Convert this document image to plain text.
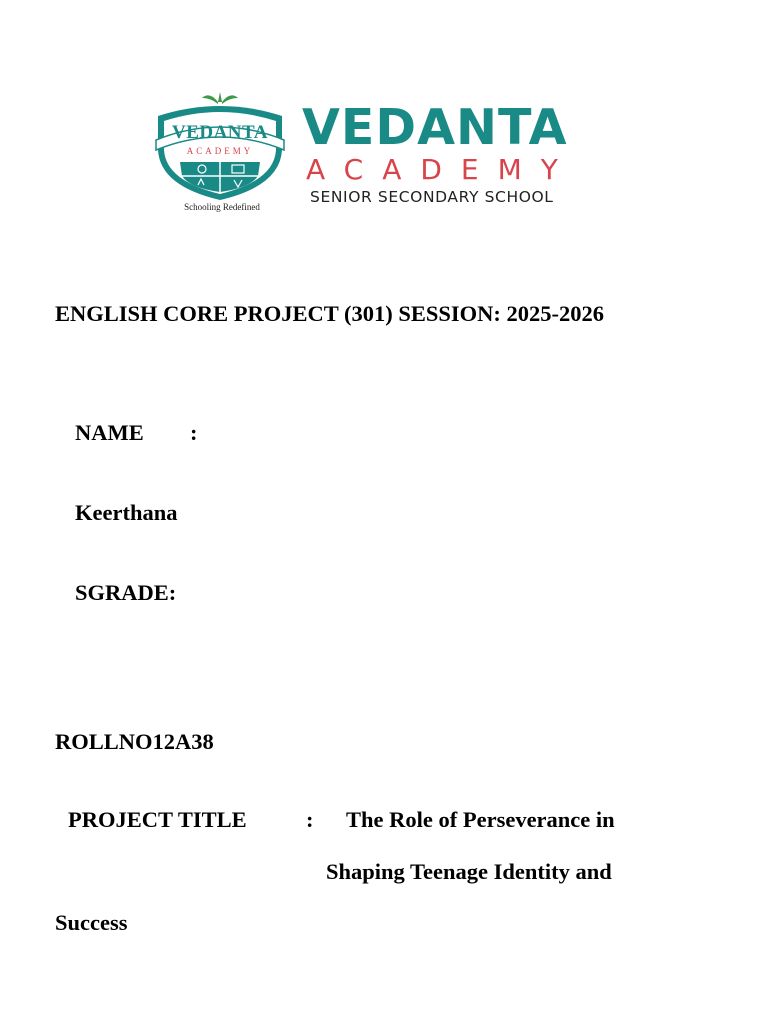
VEDANTA
ACADEMY
Schooling Redefined
VEDANTA
ACADEMY
SENIOR SECONDARY SCHOOL

ENGLISH CORE PROJECT (301) SESSION: 2025-2026

NAME :

Keerthana

SGRADE:

ROLLNO12A38

PROJECT TITLE	: The Role of Perseverance in

Shaping Teenage Identity and

Success
